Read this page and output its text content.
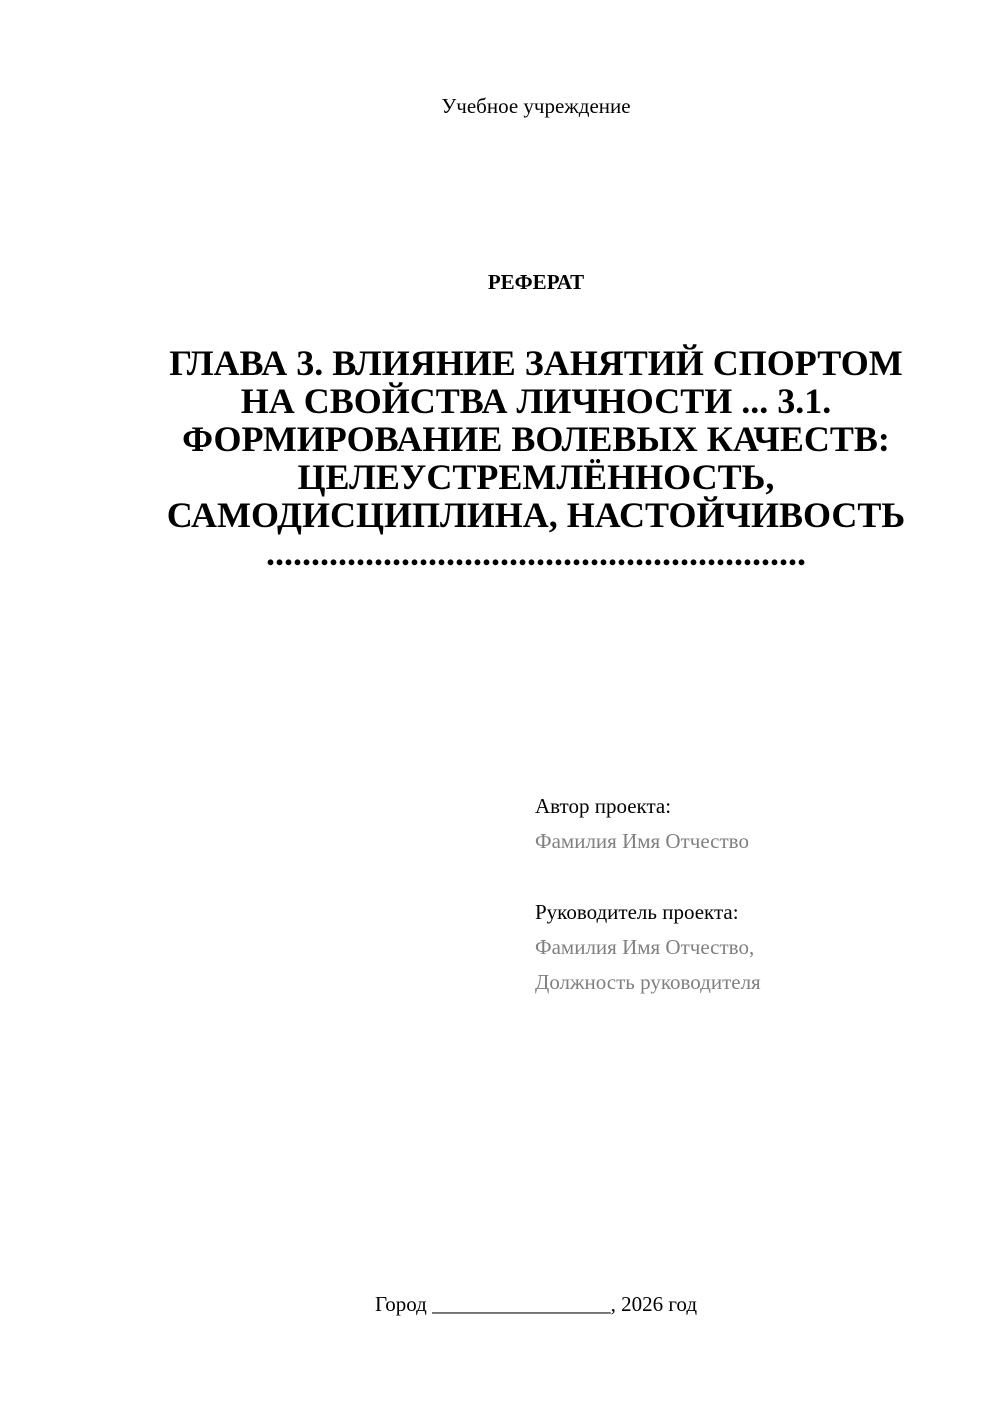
Учебное учреждение
РЕФЕРАТ
ГЛАВА 3. ВЛИЯНИЕ ЗАНЯТИЙ СПОРТОМ НА СВОЙСТВА ЛИЧНОСТИ ... 3.1. ФОРМИРОВАНИЕ ВОЛЕВЫХ КАЧЕСТВ: ЦЕЛЕУСТРЕМЛЁННОСТЬ, САМОДИСЦИПЛИНА, НАСТОЙЧИВОСТЬ ............................................................
Автор проекта:
Фамилия Имя Отчество
Руководитель проекта:
Фамилия Имя Отчество,
Должность руководителя
Город _________________, 2026 год
